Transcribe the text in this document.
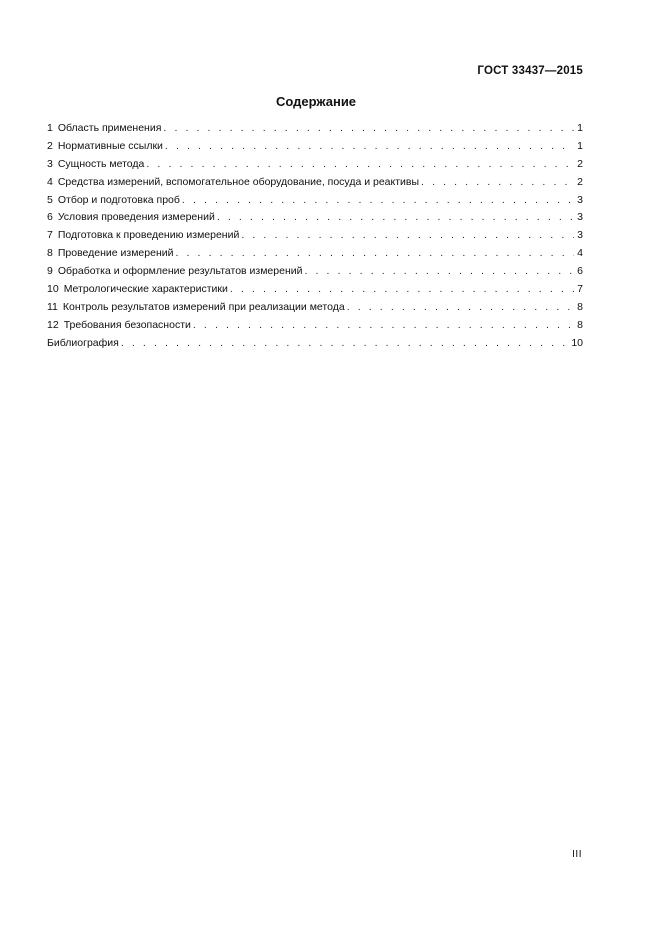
ГОСТ 33437—2015
Содержание
1 Область применения . . .	1
2 Нормативные ссылки . . .	1
3 Сущность метода . . .	2
4 Средства измерений, вспомогательное оборудование, посуда и реактивы . . .	2
5 Отбор и подготовка проб . . .	3
6 Условия проведения измерений . . .	3
7 Подготовка к проведению измерений . . .	3
8 Проведение измерений . . .	4
9 Обработка и оформление результатов измерений . . .	6
10 Метрологические характеристики . . .	7
11 Контроль результатов измерений при реализации метода . . .	8
12 Требования безопасности . . .	8
Библиография . . .	10
III
